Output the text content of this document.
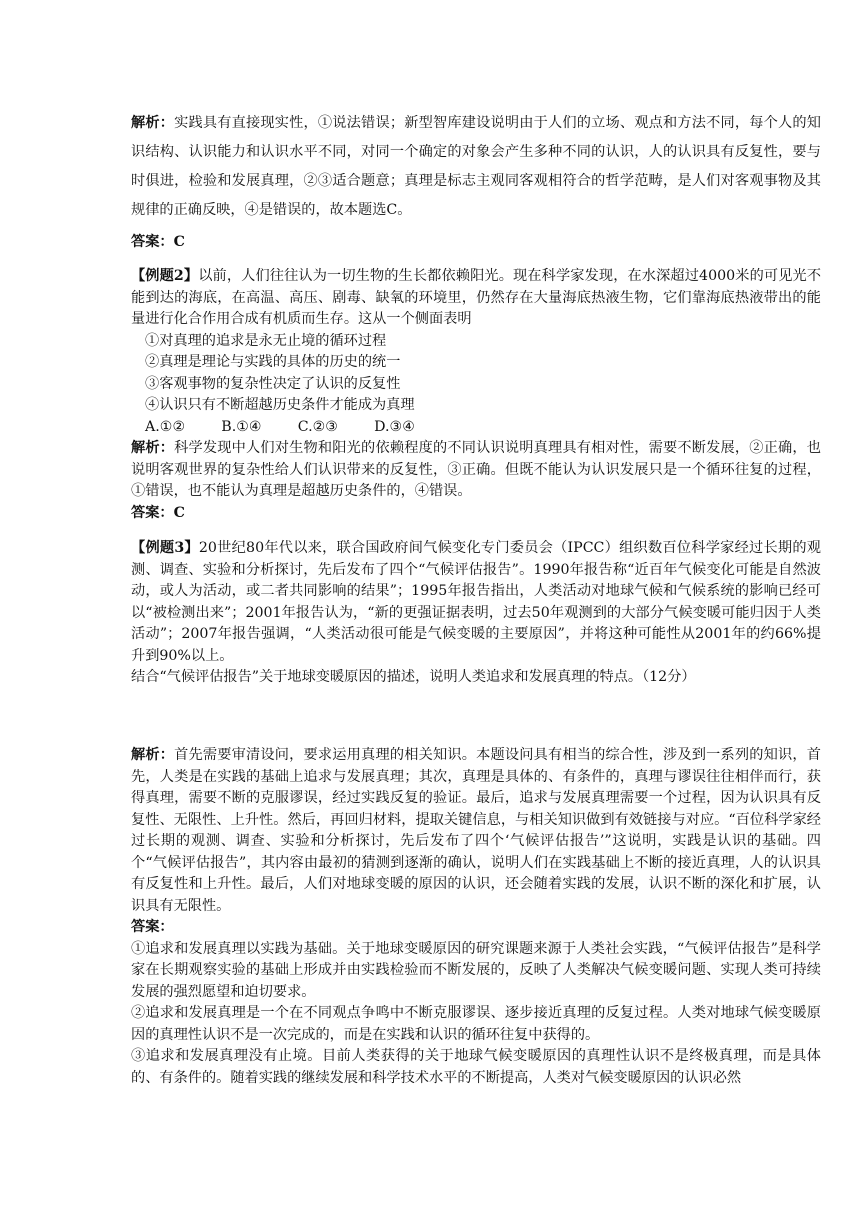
解析：实践具有直接现实性，①说法错误；新型智库建设说明由于人们的立场、观点和方法不同，每个人的知识结构、认识能力和认识水平不同，对同一个确定的对象会产生多种不同的认识，人的认识具有反复性，要与时俱进，检验和发展真理，②③适合题意；真理是标志主观同客观相符合的哲学范畴，是人们对客观事物及其规律的正确反映，④是错误的，故本题选C。

答案：C

【例题2】以前，人们往往认为一切生物的生长都依赖阳光。现在科学家发现，在水深超过4000米的可见光不能到达的海底，在高温、高压、剧毒、缺氧的环境里，仍然存在大量海底热液生物，它们靠海底热液带出的能量进行化合作用合成有机质而生存。这从一个侧面表明

①对真理的追求是永无止境的循环过程

②真理是理论与实践的具体的历史的统一

③客观事物的复杂性决定了认识的反复性

④认识只有不断超越历史条件才能成为真理

A.①②        B.①④        C.②③        D.③④

解析：科学发现中人们对生物和阳光的依赖程度的不同认识说明真理具有相对性，需要不断发展，②正确，也说明客观世界的复杂性给人们认识带来的反复性，③正确。但既不能认为认识发展只是一个循环往复的过程，①错误，也不能认为真理是超越历史条件的，④错误。

答案：C

【例题3】20世纪80年代以来，联合国政府间气候变化专门委员会（IPCC）组织数百位科学家经过长期的观测、调查、实验和分析探讨，先后发布了四个“气候评估报告”。1990年报告称“近百年气候变化可能是自然波动，或人为活动，或二者共同影响的结果”；1995年报告指出，人类活动对地球气候和气候系统的影响已经可以“被检测出来”；2001年报告认为，“新的更强证据表明，过去50年观测到的大部分气候变暖可能归因于人类活动”；2007年报告强调，“人类活动很可能是气候变暖的主要原因”，并将这种可能性从2001年的约66%提升到90%以上。

结合“气候评估报告”关于地球变暖原因的描述，说明人类追求和发展真理的特点。（12分）

解析：首先需要审清设问，要求运用真理的相关知识。本题设问具有相当的综合性，涉及到一系列的知识，首先，人类是在实践的基础上追求与发展真理；其次，真理是具体的、有条件的，真理与谬误往往相伴而行，获得真理，需要不断的克服谬误，经过实践反复的验证。最后，追求与发展真理需要一个过程，因为认识具有反复性、无限性、上升性。然后，再回归材料，提取关键信息，与相关知识做到有效链接与对应。“百位科学家经过长期的观测、调查、实验和分析探讨，先后发布了四个‘气候评估报告’”这说明，实践是认识的基础。四个“气候评估报告”，其内容由最初的猜测到逐渐的确认，说明人们在实践基础上不断的接近真理，人的认识具有反复性和上升性。最后，人们对地球变暖的原因的认识，还会随着实践的发展，认识不断的深化和扩展，认识具有无限性。

答案：

①追求和发展真理以实践为基础。关于地球变暖原因的研究课题来源于人类社会实践，“气候评估报告”是科学家在长期观察实验的基础上形成并由实践检验而不断发展的，反映了人类解决气候变暖问题、实现人类可持续发展的强烈愿望和迫切要求。

②追求和发展真理是一个在不同观点争鸣中不断克服谬误、逐步接近真理的反复过程。人类对地球气候变暖原因的真理性认识不是一次完成的，而是在实践和认识的循环往复中获得的。

③追求和发展真理没有止境。目前人类获得的关于地球气候变暖原因的真理性认识不是终极真理，而是具体的、有条件的。随着实践的继续发展和科学技术水平的不断提高，人类对气候变暖原因的认识必然
